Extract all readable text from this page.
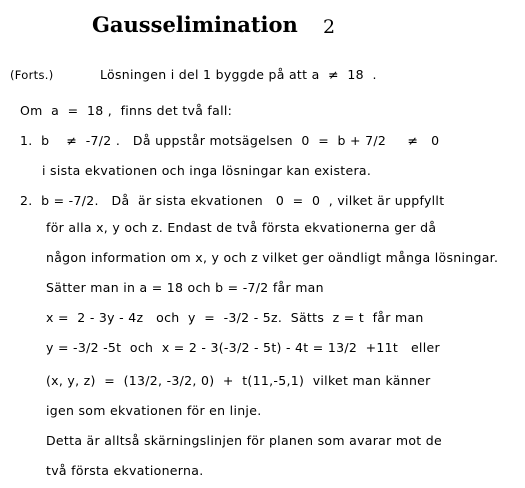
Gausselimination 2
(Forts.)	Lösningen i del 1 byggde på att a  ≠  18  .
Om  a  =  18 ,  finns det två fall:
1.  b    ≠  -7/2 .   Då uppstår motsägelsen  0  =  b + 7/2     ≠   0
i sista ekvationen och inga lösningar kan existera.
2.  b = -7/2.   Då  är sista ekvationen   0  =  0  , vilket är uppfyllt
för alla x, y och z. Endast de två första ekvationerna ger då
någon information om x, y och z vilket ger oändligt många lösningar.
Sätter man in a = 18 och b = -7/2 får man
x =  2 - 3y - 4z   och  y  =  -3/2 - 5z.  Sätts  z = t  får man
y = -3/2 -5t  och  x = 2 - 3(-3/2 - 5t) - 4t = 13/2  +11t   eller
(x, y, z)  =  (13/2, -3/2, 0)  +  t(11,-5,1)  vilket man känner
igen som ekvationen för en linje.
Detta är alltså skärningslinjen för planen som avarar mot de
två första ekvationerna.
